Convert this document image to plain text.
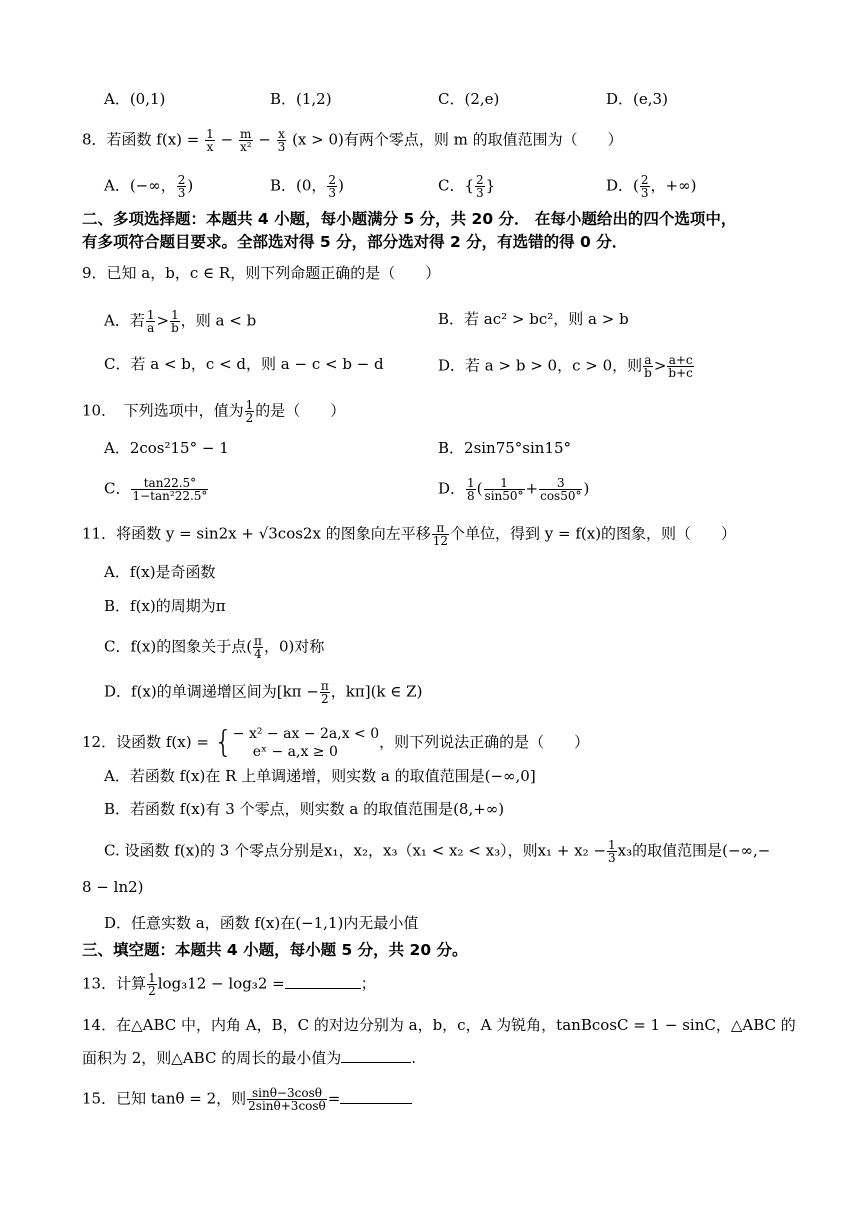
A．(0,1)	B．(1,2)	C．(2,e)	D．(e,3)
8．若函数 $f(x) = \frac{1}{x} - \frac{m}{\text{x²}} - \frac{x}{3} (x > 0)$有两个零点，则 m 的取值范围为（　　）
A．(−∞， $\frac{2}{3}$ )	B．(0， $\frac{2}{3}$ )	C．{ $\frac{2}{3}$ }	D．( $\frac{2}{3}$ ，+∞)
二、多项选择题：本题共 4 小题，每小题满分 5 分，共 20 分． 在每小题给出的四个选项中，
有多项符合题目要求。全部选对得 5 分，部分选对得 2 分，有选错的得 0 分．
9．已知 a，b，c ∈ R，则下列命题正确的是（　　）
A．若 $\frac{1}{a} > \frac{1}{b}$ ，则 a < b	B．若 ac² > bc²，则 a > b
C．若 a < b，c < d，则 a − c < b − d	D．若 a > b > 0，c > 0，则 $\frac{a}{b} > \frac{a+c}{b+c}$
10．　下列选项中，值为 $\frac{1}{2}$ 的是（　　）
A．2cos²15° − 1	B．2sin75°sin15°
C． $\frac{\tan 22.5^\circ}{\text{1−tan²22.5°}}$	D． $\frac{1}{8}$ ( $\frac{1}{\sin 50^\circ} + \frac{3}{\cos 50^\circ}$ )
11．将函数 y = sin2x + √3cos2x 的图象向左平移 $\frac{\pi}{12}$ 个单位，得到 y = f(x)的图象，则（　　）
A．f(x)是奇函数
B．f(x)的周期为π
C．f(x)的图象关于点( $\frac{\pi}{4}$ ，0)对称
D．f(x)的单调递增区间为[$k\pi - \frac{\pi}{2}$ ，kπ](k ∈ Z)
12．设函数 f(x) = { − x² − ax − 2a,x < 0
eˣ − a,x ≥ 0
，则下列说法正确的是（　　）
A．若函数 f(x)在 R 上单调递增，则实数 a 的取值范围是(−∞,0]
B．若函数 f(x)有 3 个零点，则实数 a 的取值范围是(8,+∞)
C. 设函数 f(x)的 3 个零点分别是x₁，x₂，x₃（x₁ < x₂ < x₃），则$x_1 + x_2 - \frac{1}{3} x_3$的取值范围是(−∞,−
8 − ln2)
D．任意实数 a，函数 f(x)在(−1,1)内无最小值
三、填空题：本题共 4 小题，每小题 5 分，共 20 分。
13．计算 $\frac{1}{2} \log_312 - \log_32$ =	；
14．在△ABC 中，内角 A，B，C 的对边分别为 a，b，c，A 为锐角，tanBcosC = 1 − sinC，△ABC 的
面积为 2，则△ABC 的周长的最小值为	.
15．已知 tanθ = 2，则 $\frac{\sin\theta-3\cos\theta}{2\sin\theta+3\cos\theta}$ =
